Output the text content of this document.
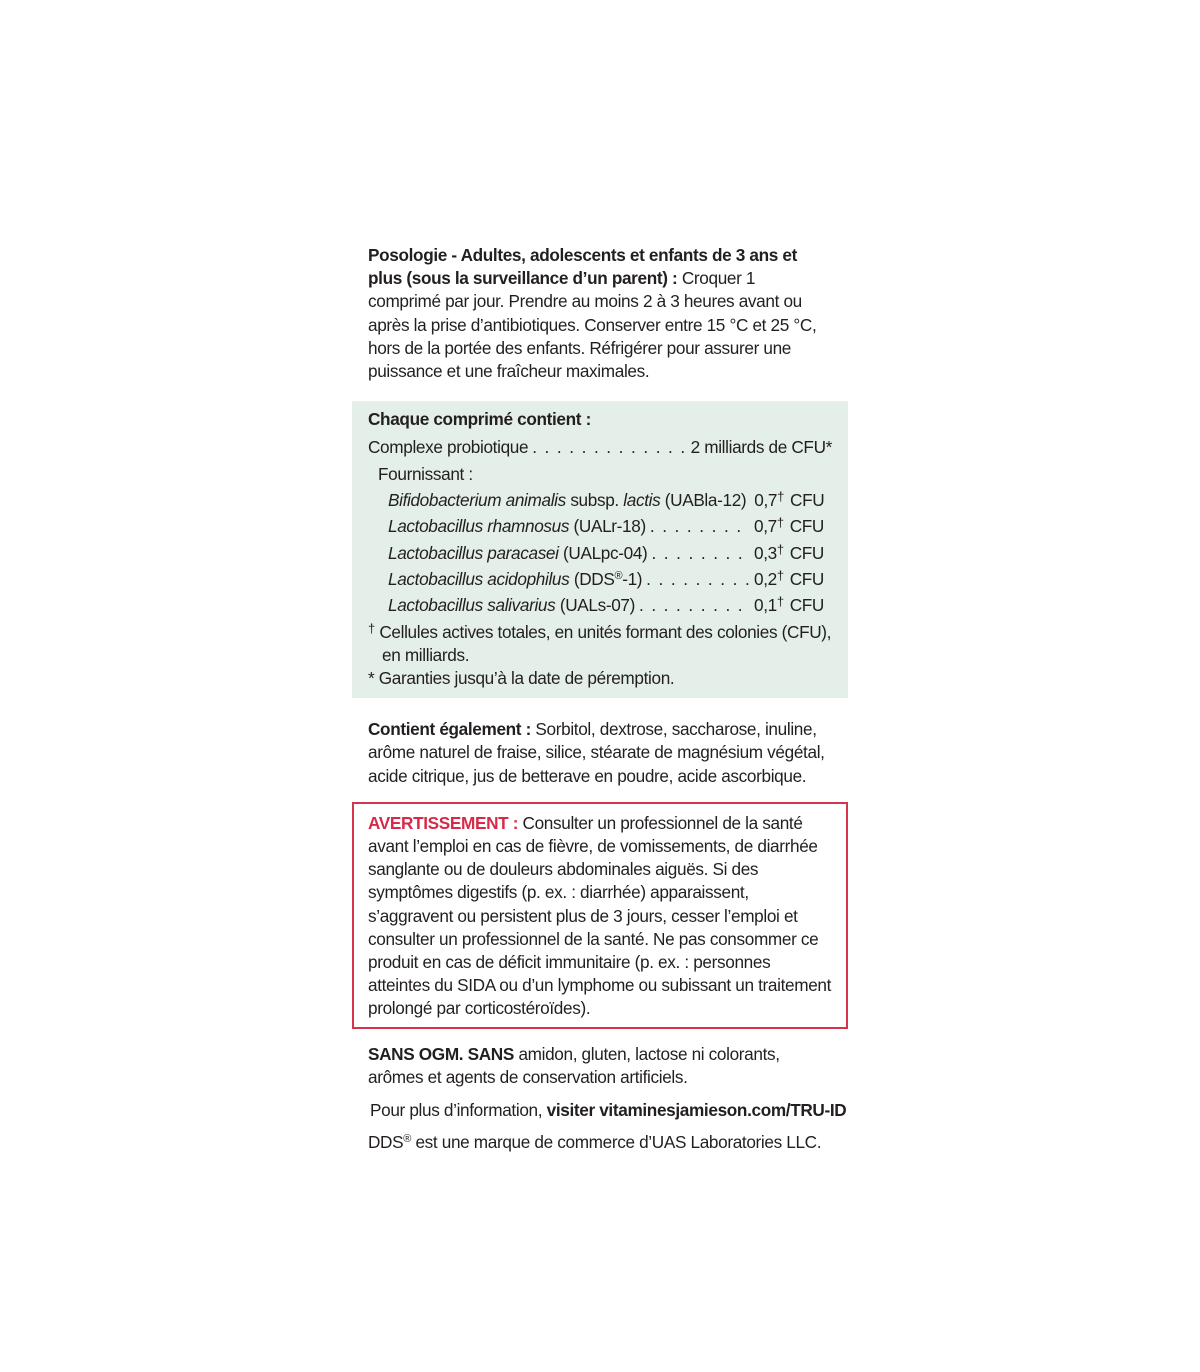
Posologie - Adultes, adolescents et enfants de 3 ans et plus (sous la surveillance d’un parent) : Croquer 1 comprimé par jour. Prendre au moins 2 à 3 heures avant ou après la prise d’antibiotiques. Conserver entre 15 °C et 25 °C, hors de la portée des enfants. Réfrigérer pour assurer une puissance et une fraîcheur maximales.

Chaque comprimé contient :
Complexe probiotique . . .	2 milliards de CFU*
Fournissant :
Bifidobacterium animalis subsp. lactis (UABla-12) 0,7† CFU
Lactobacillus rhamnosus (UALr-18) . . .	0,7† CFU
Lactobacillus paracasei (UALpc-04) . . .	0,3† CFU
Lactobacillus acidophilus (DDS®-1) . . .	0,2† CFU
Lactobacillus salivarius (UALs-07) . . .	0,1† CFU
† Cellules actives totales, en unités formant des colonies (CFU),
en milliards.
* Garanties jusqu’à la date de péremption.

Contient également : Sorbitol, dextrose, saccharose, inuline, arôme naturel de fraise, silice, stéarate de magnésium végétal, acide citrique, jus de betterave en poudre, acide ascorbique.

AVERTISSEMENT : Consulter un professionnel de la santé avant l’emploi en cas de fièvre, de vomissements, de diarrhée sanglante ou de douleurs abdominales aiguës. Si des symptômes digestifs (p. ex. : diarrhée) apparaissent, s’aggravent ou persistent plus de 3 jours, cesser l’emploi et consulter un professionnel de la santé. Ne pas consommer ce produit en cas de déficit immunitaire (p. ex. : personnes atteintes du SIDA ou d’un lymphome ou subissant un traitement prolongé par corticostéroïdes).

SANS OGM. SANS amidon, gluten, lactose ni colorants, arômes et agents de conservation artificiels.

Pour plus d’information, visiter vitaminesjamieson.com/TRU-ID

DDS® est une marque de commerce d’UAS Laboratories LLC.
